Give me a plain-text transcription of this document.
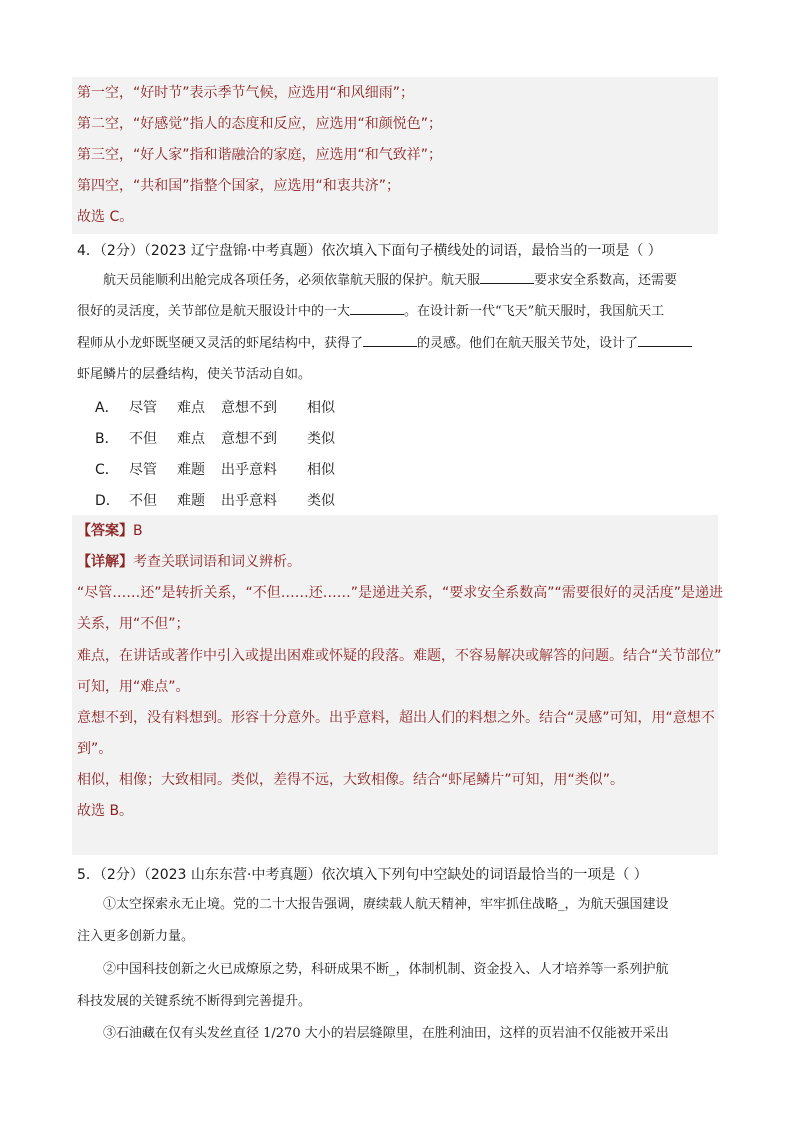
第一空，“好时节”表示季节气候，应选用“和风细雨”；
第二空，“好感觉”指人的态度和反应，应选用“和颜悦色”；
第三空，“好人家”指和谐融洽的家庭，应选用“和气致祥”；
第四空，“共和国”指整个国家，应选用“和衷共济”；
故选 C。
4．（2分）（2023 辽宁盘锦·中考真题）依次填入下面句子横线处的词语，最恰当的一项是（ ）
航天员能顺利出舱完成各项任务，必须依靠航天服的保护。航天服	要求安全系数高，还需要
很好的灵活度，关节部位是航天服设计中的一大	。在设计新一代“飞天”航天服时，我国航天工
程师从小龙虾既坚硬又灵活的虾尾结构中，获得了	的灵感。他们在航天服关节处，设计了
虾尾鳞片的层叠结构，使关节活动自如。
A． 尽管 难点 意想不到 相似
B． 不但 难点 意想不到 类似
C． 尽管 难题 出乎意料 相似
D． 不但 难题 出乎意料 类似
【答案】B
【详解】考查关联词语和词义辨析。
“尽管……还”是转折关系，“不但……还……”是递进关系，“要求安全系数高”“需要很好的灵活度”是递进
关系，用“不但”；
难点，在讲话或著作中引入或提出困难或怀疑的段落。难题，不容易解决或解答的问题。结合“关节部位”
可知，用“难点”。
意想不到，没有料想到。形容十分意外。出乎意料，超出人们的料想之外。结合“灵感”可知，用“意想不
到”。
相似，相像；大致相同。类似，差得不远，大致相像。结合“虾尾鳞片”可知，用“类似”。
故选 B。
5．（2分）（2023 山东东营·中考真题）依次填入下列句中空缺处的词语最恰当的一项是（ ）
①太空探索永无止境。党的二十大报告强调，赓续载人航天精神，牢牢抓住战略_，为航天强国建设
注入更多创新力量。
②中国科技创新之火已成燎原之势，科研成果不断_，体制机制、资金投入、人才培养等一系列护航
科技发展的关键系统不断得到完善提升。
③石油藏在仅有头发丝直径 1/270 大小的岩层缝隙里，在胜利油田，这样的页岩油不仅能被开采出
